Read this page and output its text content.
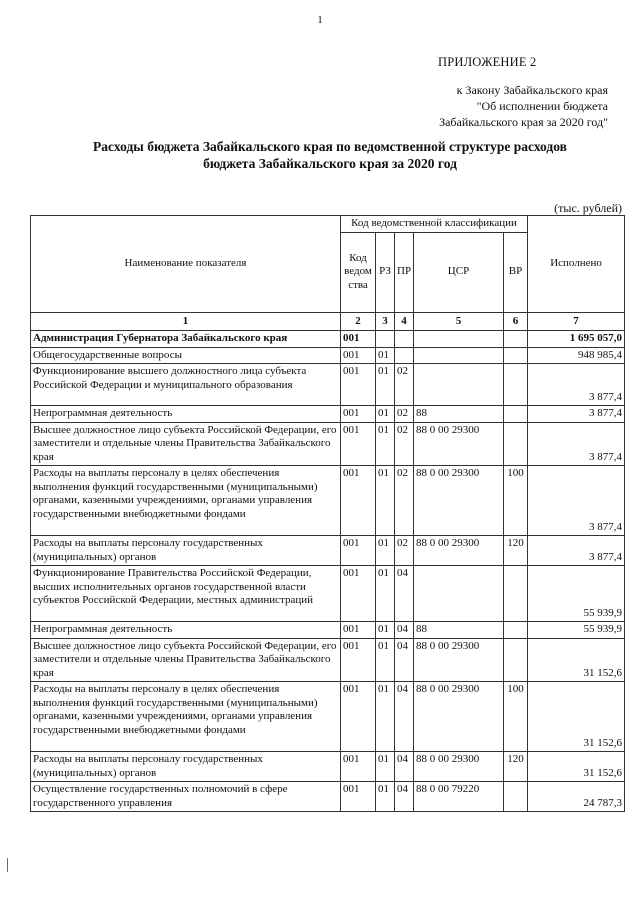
1
ПРИЛОЖЕНИЕ 2
к Закону Забайкальского края
"Об исполнении бюджета
Забайкальского края за 2020 год"
Расходы бюджета Забайкальского края по ведомственной структуре расходов
бюджета Забайкальского края за 2020 год
(тыс. рублей)
Наименование показателя	Код ведомственной классификации					Исполнено
	Код ведом ства	РЗ	ПР	ЦСР	ВР	
1	2	3	4	5	6	7
Администрация Губернатора Забайкальского края	001					1 695 057,0
Общегосударственные вопросы	001	01				948 985,4
Функционирование высшего должностного лица субъекта Российской Федерации и муниципального образования	001	01	02			3 877,4
Непрограммная деятельность	001	01	02	88		3 877,4
Высшее должностное лицо субъекта Российской Федерации, его заместители и отдельные члены Правительства Забайкальского края	001	01	02	88 0 00 29300		3 877,4
Расходы на выплаты персоналу в целях обеспечения выполнения функций государственными (муниципальными) органами, казенными учреждениями, органами управления государственными внебюджетными фондами	001	01	02	88 0 00 29300	100	3 877,4
Расходы на выплаты персоналу государственных (муниципальных) органов	001	01	02	88 0 00 29300	120	3 877,4
Функционирование Правительства Российской Федерации, высших исполнительных органов государственной власти субъектов Российской Федерации, местных администраций	001	01	04			55 939,9
Непрограммная деятельность	001	01	04	88		55 939,9
Высшее должностное лицо субъекта Российской Федерации, его заместители и отдельные члены Правительства Забайкальского края	001	01	04	88 0 00 29300		31 152,6
Расходы на выплаты персоналу в целях обеспечения выполнения функций государственными (муниципальными) органами, казенными учреждениями, органами управления государственными внебюджетными фондами	001	01	04	88 0 00 29300	100	31 152,6
Расходы на выплаты персоналу государственных (муниципальных) органов	001	01	04	88 0 00 29300	120	31 152,6
Осуществление государственных полномочий в сфере государственного управления	001	01	04	88 0 00 79220		24 787,3
